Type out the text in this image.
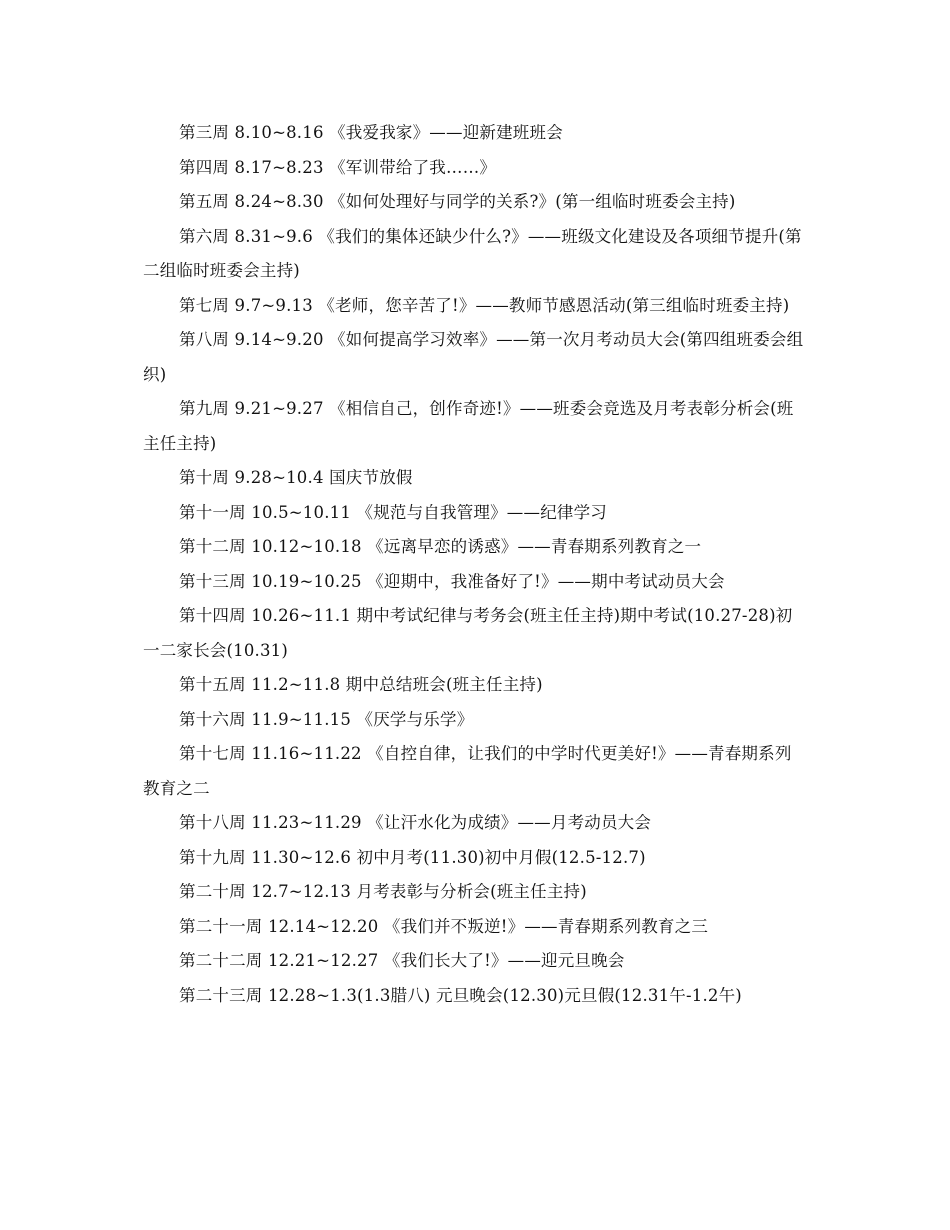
第三周 8.10~8.16 《我爱我家》——迎新建班班会

第四周 8.17~8.23 《军训带给了我……》

第五周 8.24~8.30 《如何处理好与同学的关系?》(第一组临时班委会主持)

第六周 8.31~9.6 《我们的集体还缺少什么?》——班级文化建设及各项细节提升(第二组临时班委会主持)

第七周 9.7~9.13 《老师，您辛苦了!》——教师节感恩活动(第三组临时班委主持)

第八周 9.14~9.20 《如何提高学习效率》——第一次月考动员大会(第四组班委会组织)

第九周 9.21~9.27 《相信自己，创作奇迹!》——班委会竞选及月考表彰分析会(班主任主持)

第十周 9.28~10.4 国庆节放假

第十一周 10.5~10.11 《规范与自我管理》——纪律学习

第十二周 10.12~10.18 《远离早恋的诱惑》——青春期系列教育之一

第十三周 10.19~10.25 《迎期中，我准备好了!》——期中考试动员大会

第十四周 10.26~11.1 期中考试纪律与考务会(班主任主持)期中考试(10.27-28)初一二家长会(10.31)

第十五周 11.2~11.8 期中总结班会(班主任主持)

第十六周 11.9~11.15 《厌学与乐学》

第十七周 11.16~11.22 《自控自律，让我们的中学时代更美好!》——青春期系列教育之二

第十八周 11.23~11.29 《让汗水化为成绩》——月考动员大会

第十九周 11.30~12.6 初中月考(11.30)初中月假(12.5-12.7)

第二十周 12.7~12.13 月考表彰与分析会(班主任主持)

第二十一周 12.14~12.20 《我们并不叛逆!》——青春期系列教育之三

第二十二周 12.21~12.27 《我们长大了!》——迎元旦晚会

第二十三周 12.28~1.3(1.3腊八) 元旦晚会(12.30)元旦假(12.31午-1.2午)
